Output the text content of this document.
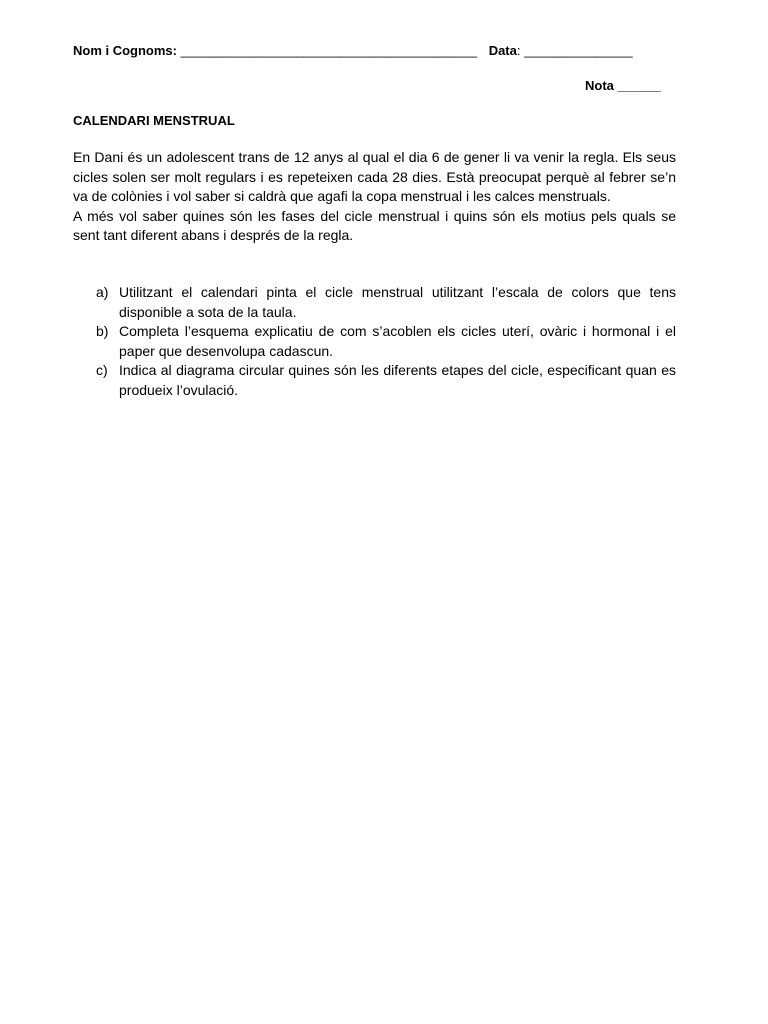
Nom i Cognoms: _________________________________________ Data: _______________
Nota ______
CALENDARI MENSTRUAL

En Dani és un adolescent trans de 12 anys al qual el dia 6 de gener li va venir la regla. Els seus cicles solen ser molt regulars i es repeteixen cada 28 dies. Està preocupat perquè al febrer se’n va de colònies i vol saber si caldrà que agafi la copa menstrual i les calces menstruals.

A més vol saber quines són les fases del cicle menstrual i quins són els motius pels quals se sent tant diferent abans i després de la regla.

a) Utilitzant el calendari pinta el cicle menstrual utilitzant l’escala de colors que tens disponible a sota de la taula.
b) Completa l’esquema explicatiu de com s’acoblen els cicles uterí, ovàric i hormonal i el paper que desenvolupa cadascun.
c) Indica al diagrama circular quines són les diferents etapes del cicle, especificant quan es produeix l’ovulació.
